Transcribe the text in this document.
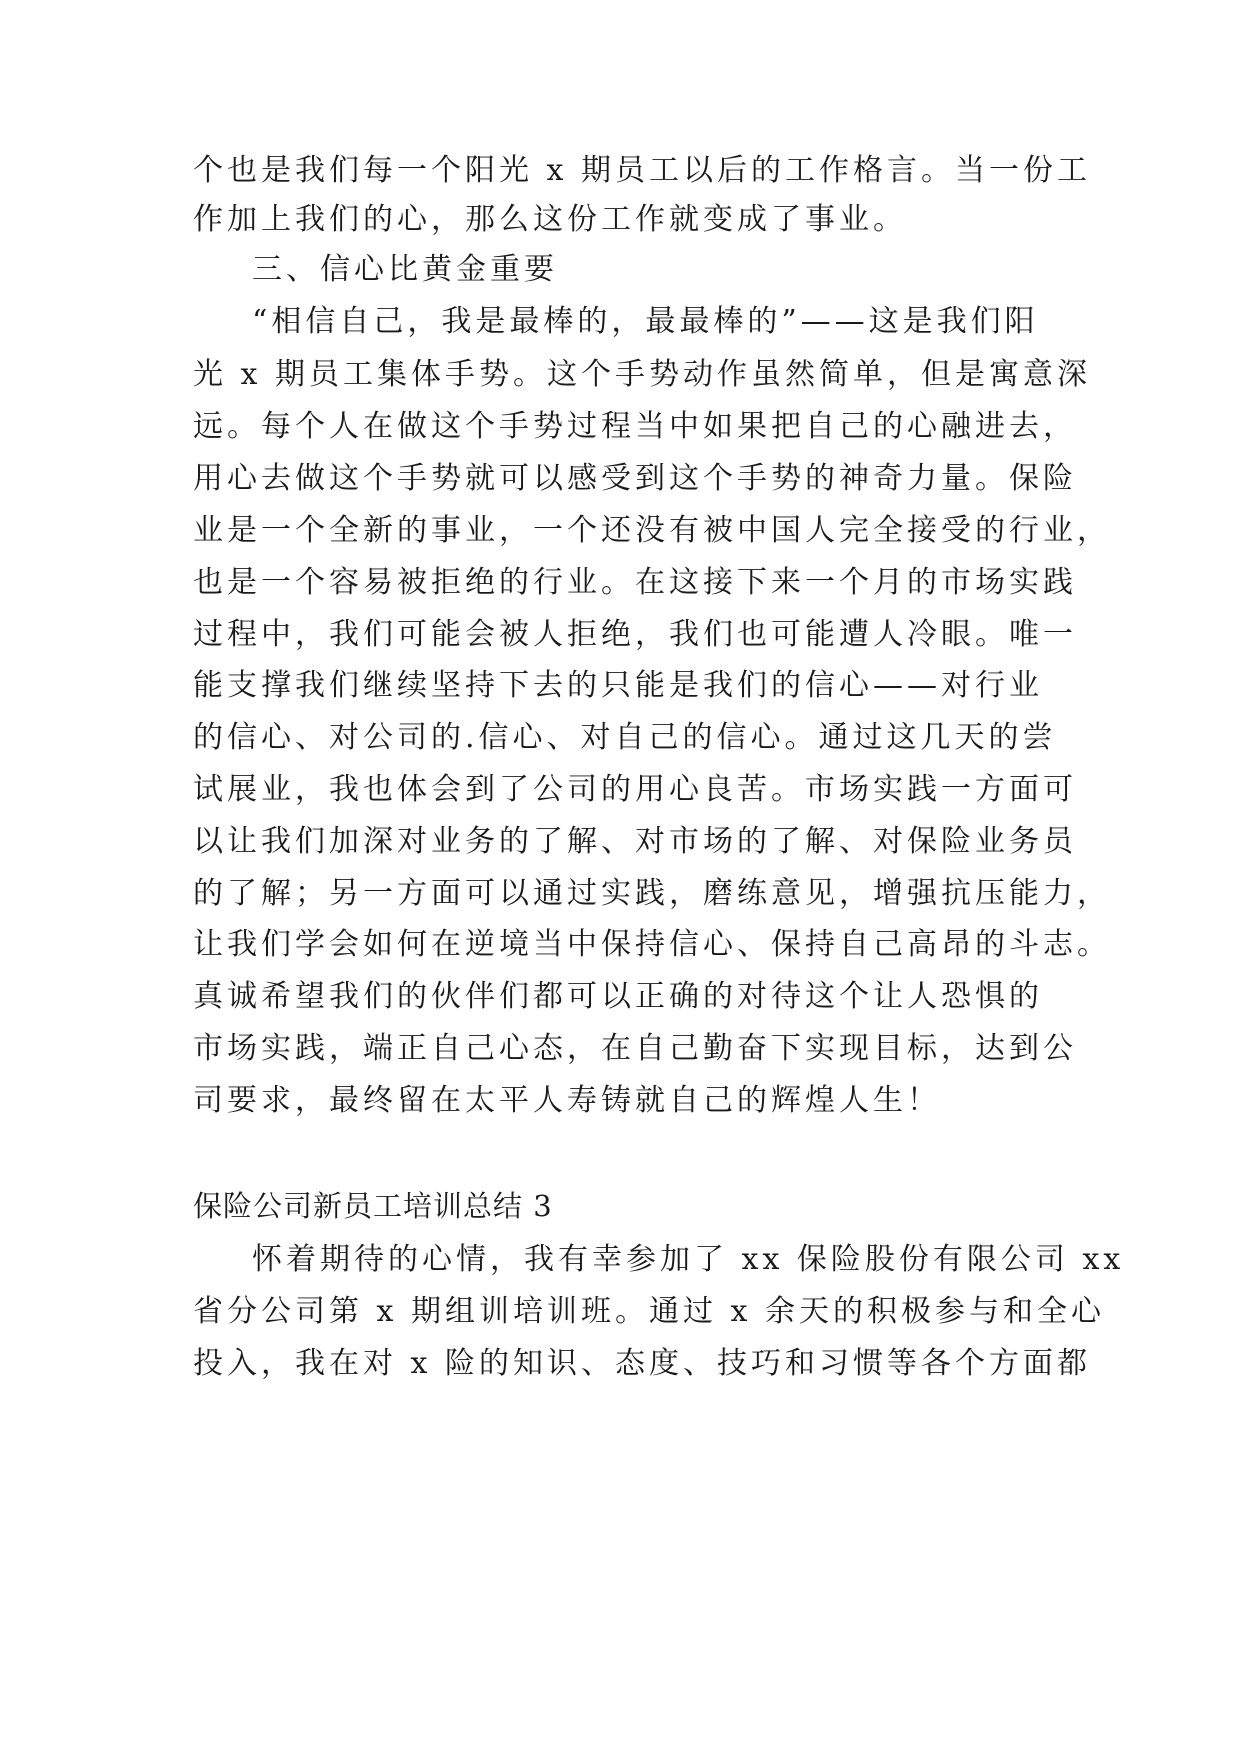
个也是我们每一个阳光 x 期员工以后的工作格言。当一份工
作加上我们的心，那么这份工作就变成了事业。
三、信心比黄金重要
“相信自己，我是最棒的，最最棒的”——这是我们阳
光 x 期员工集体手势。这个手势动作虽然简单，但是寓意深
远。每个人在做这个手势过程当中如果把自己的心融进去，
用心去做这个手势就可以感受到这个手势的神奇力量。保险
业是一个全新的事业，一个还没有被中国人完全接受的行业，
也是一个容易被拒绝的行业。在这接下来一个月的市场实践
过程中，我们可能会被人拒绝，我们也可能遭人冷眼。唯一
能支撑我们继续坚持下去的只能是我们的信心——对行业
的信心、对公司的.信心、对自己的信心。通过这几天的尝
试展业，我也体会到了公司的用心良苦。市场实践一方面可
以让我们加深对业务的了解、对市场的了解、对保险业务员
的了解；另一方面可以通过实践，磨练意见，增强抗压能力，
让我们学会如何在逆境当中保持信心、保持自己高昂的斗志。
真诚希望我们的伙伴们都可以正确的对待这个让人恐惧的
市场实践，端正自己心态，在自己勤奋下实现目标，达到公
司要求，最终留在太平人寿铸就自己的辉煌人生！
保险公司新员工培训总结 3
怀着期待的心情，我有幸参加了 xx 保险股份有限公司 xx
省分公司第 x 期组训培训班。通过 x 余天的积极参与和全心
投入，我在对 x 险的知识、态度、技巧和习惯等各个方面都
